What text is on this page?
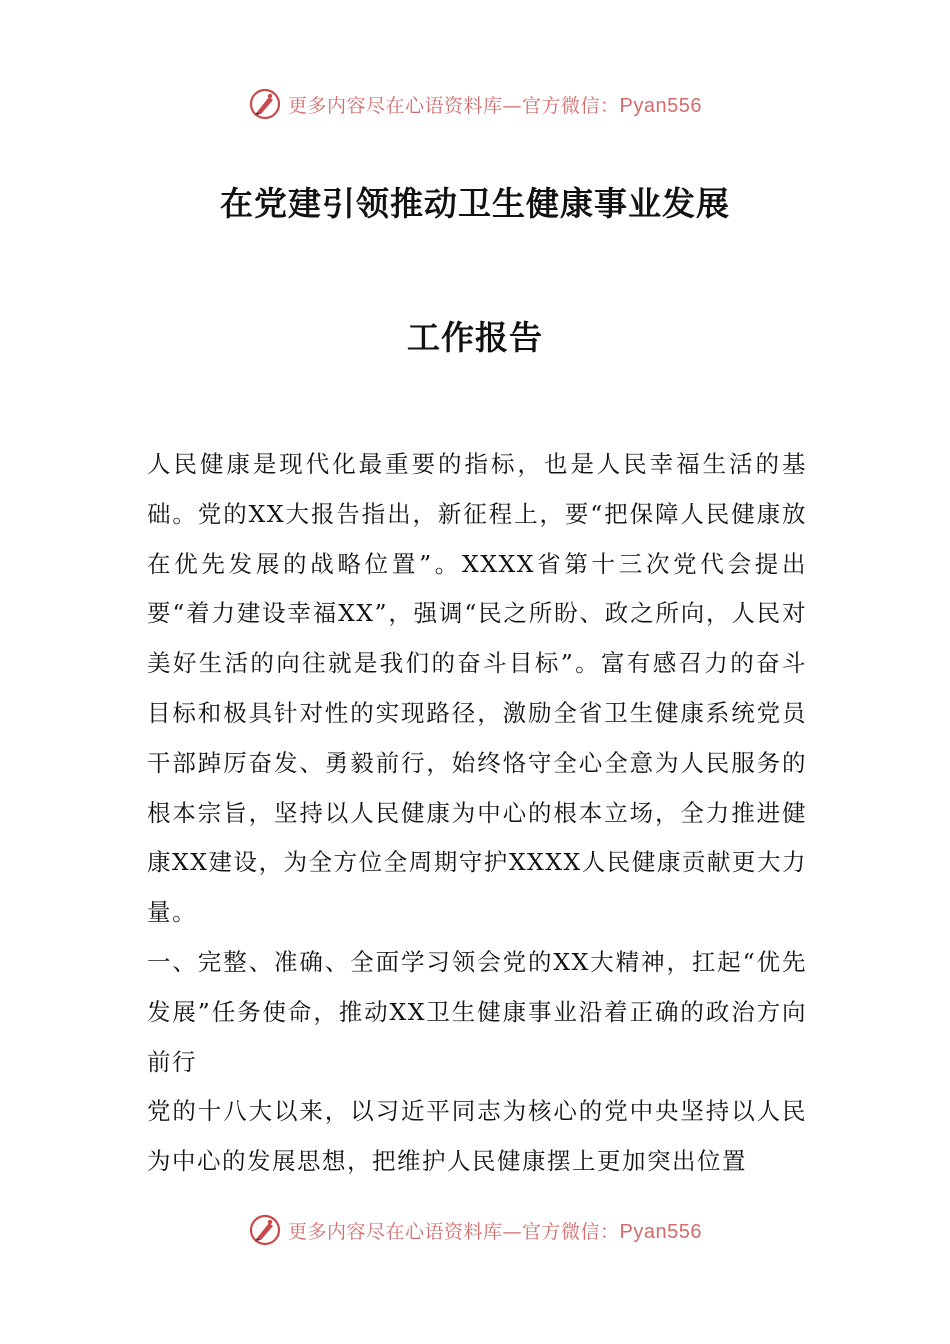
更多内容尽在心语资料库—官方微信：Pyan556
在党建引领推动卫生健康事业发展
工作报告

人民健康是现代化最重要的指标，也是人民幸福生活的基础。党的XX大报告指出，新征程上，要“把保障人民健康放在优先发展的战略位置”。XXXX省第十三次党代会提出要“着力建设幸福XX”，强调“民之所盼、政之所向，人民对美好生活的向往就是我们的奋斗目标”。富有感召力的奋斗目标和极具针对性的实现路径，激励全省卫生健康系统党员干部踔厉奋发、勇毅前行，始终恪守全心全意为人民服务的根本宗旨，坚持以人民健康为中心的根本立场，全力推进健康XX建设，为全方位全周期守护XXXX人民健康贡献更大力量。

一、完整、准确、全面学习领会党的XX大精神，扛起“优先发展”任务使命，推动XX卫生健康事业沿着正确的政治方向前行

党的十八大以来，以习近平同志为核心的党中央坚持以人民为中心的发展思想，把维护人民健康摆上更加突出位置

更多内容尽在心语资料库—官方微信：Pyan556
